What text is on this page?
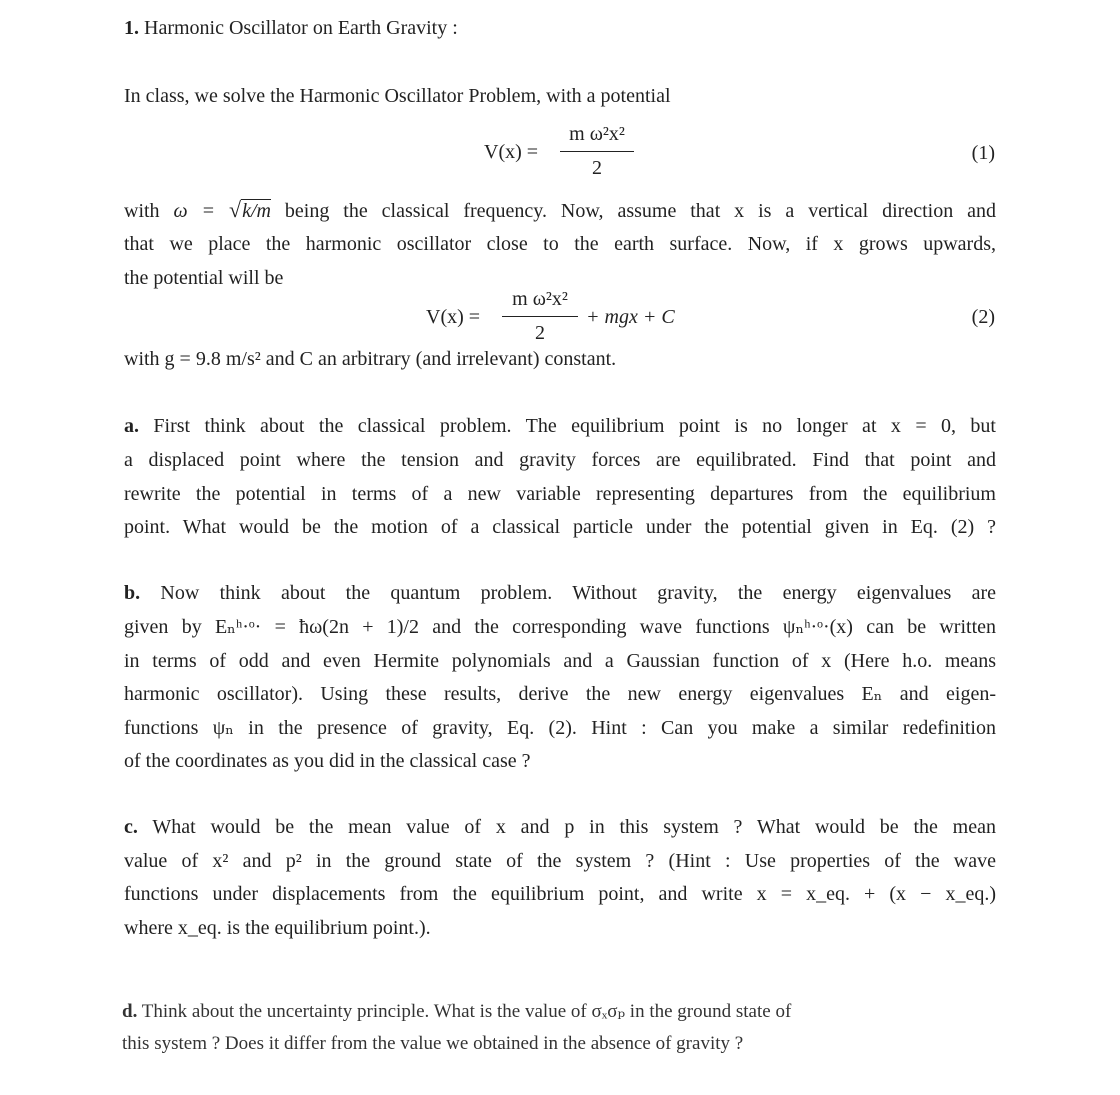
1. Harmonic Oscillator on Earth Gravity :
In class, we solve the Harmonic Oscillator Problem, with a potential
V(x) =
m ω²x²
2
(1)
with ω = √k/m being the classical frequency. Now, assume that x is a vertical direction and
that we place the harmonic oscillator close to the earth surface. Now, if x grows upwards,
the potential will be
V(x) =
m ω²x²
2
+ mgx + C	(2)
with g = 9.8 m/s² and C an arbitrary (and irrelevant) constant.
a. First think about the classical problem. The equilibrium point is no longer at x = 0, but
a displaced point where the tension and gravity forces are equilibrated. Find that point and
rewrite the potential in terms of a new variable representing departures from the equilibrium
point. What would be the motion of a classical particle under the potential given in Eq. (2) ?
b. Now think about the quantum problem. Without gravity, the energy eigenvalues are
given by Eₙʰ·ᵒ· = ħω(2n + 1)/2 and the corresponding wave functions ψₙʰ·ᵒ·(x) can be written
in terms of odd and even Hermite polynomials and a Gaussian function of x (Here h.o. means
harmonic oscillator). Using these results, derive the new energy eigenvalues Eₙ and eigen-
functions ψₙ in the presence of gravity, Eq. (2). Hint : Can you make a similar redefinition
of the coordinates as you did in the classical case ?
c. What would be the mean value of x and p in this system ? What would be the mean
value of x² and p² in the ground state of the system ? (Hint : Use properties of the wave
functions under displacements from the equilibrium point, and write x = x_eq. + (x − x_eq.)
where x_eq. is the equilibrium point.).
d. Think about the uncertainty principle. What is the value of σₓσₚ in the ground state of
this system ? Does it differ from the value we obtained in the absence of gravity ?
